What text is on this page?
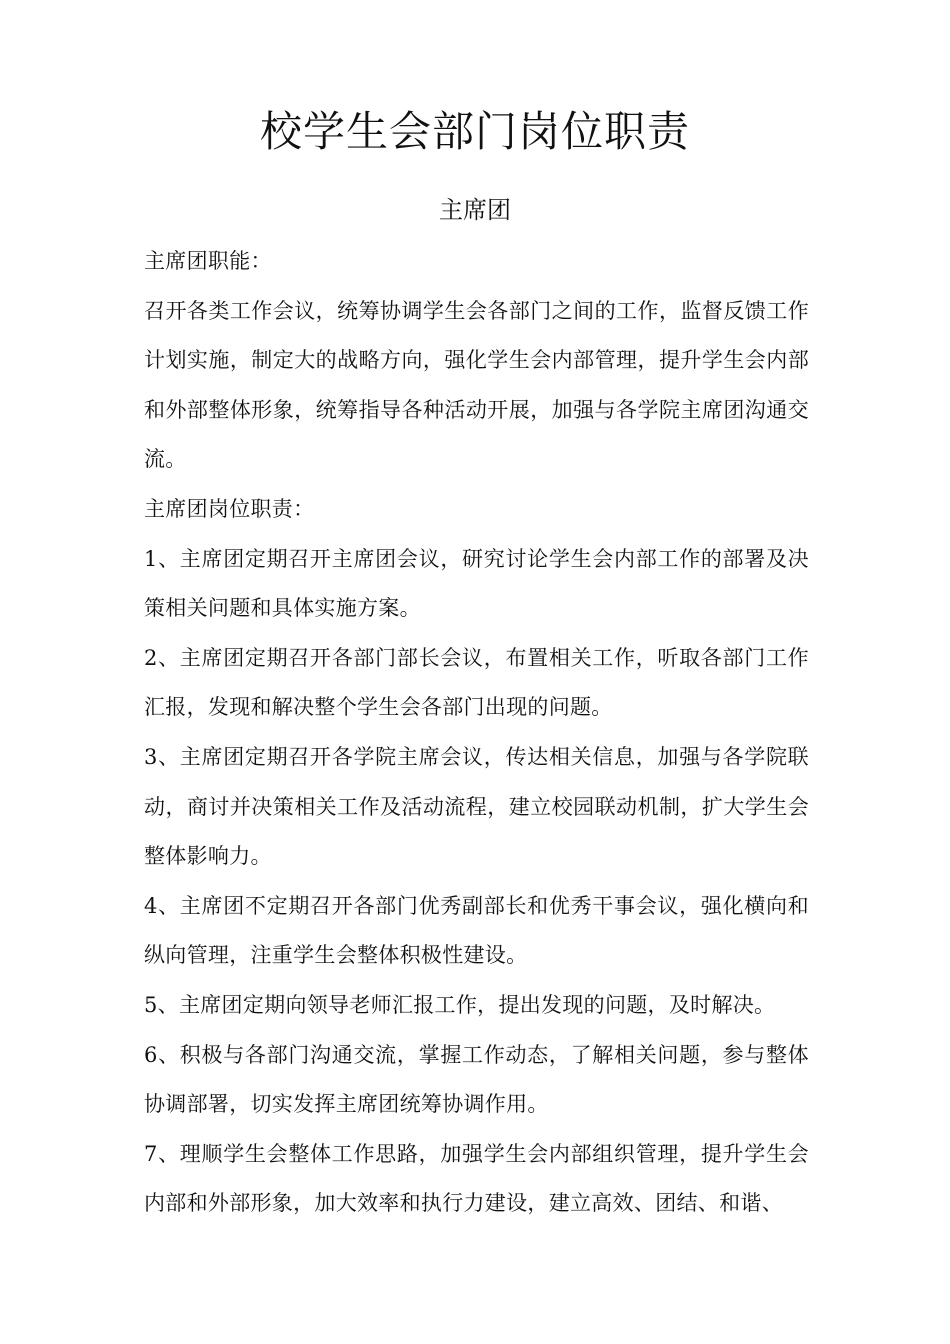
校学生会部门岗位职责
主席团

主席团职能：

召开各类工作会议，统筹协调学生会各部门之间的工作，监督反馈工作计划实施，制定大的战略方向，强化学生会内部管理，提升学生会内部和外部整体形象，统筹指导各种活动开展，加强与各学院主席团沟通交流。

主席团岗位职责：

1、主席团定期召开主席团会议，研究讨论学生会内部工作的部署及决策相关问题和具体实施方案。

2、主席团定期召开各部门部长会议，布置相关工作，听取各部门工作汇报，发现和解决整个学生会各部门出现的问题。

3、主席团定期召开各学院主席会议，传达相关信息，加强与各学院联动，商讨并决策相关工作及活动流程，建立校园联动机制，扩大学生会整体影响力。

4、主席团不定期召开各部门优秀副部长和优秀干事会议，强化横向和纵向管理，注重学生会整体积极性建设。

5、主席团定期向领导老师汇报工作，提出发现的问题，及时解决。

6、积极与各部门沟通交流，掌握工作动态，了解相关问题，参与整体协调部署，切实发挥主席团统筹协调作用。

7、理顺学生会整体工作思路，加强学生会内部组织管理，提升学生会内部和外部形象，加大效率和执行力建设，建立高效、团结、和谐、
